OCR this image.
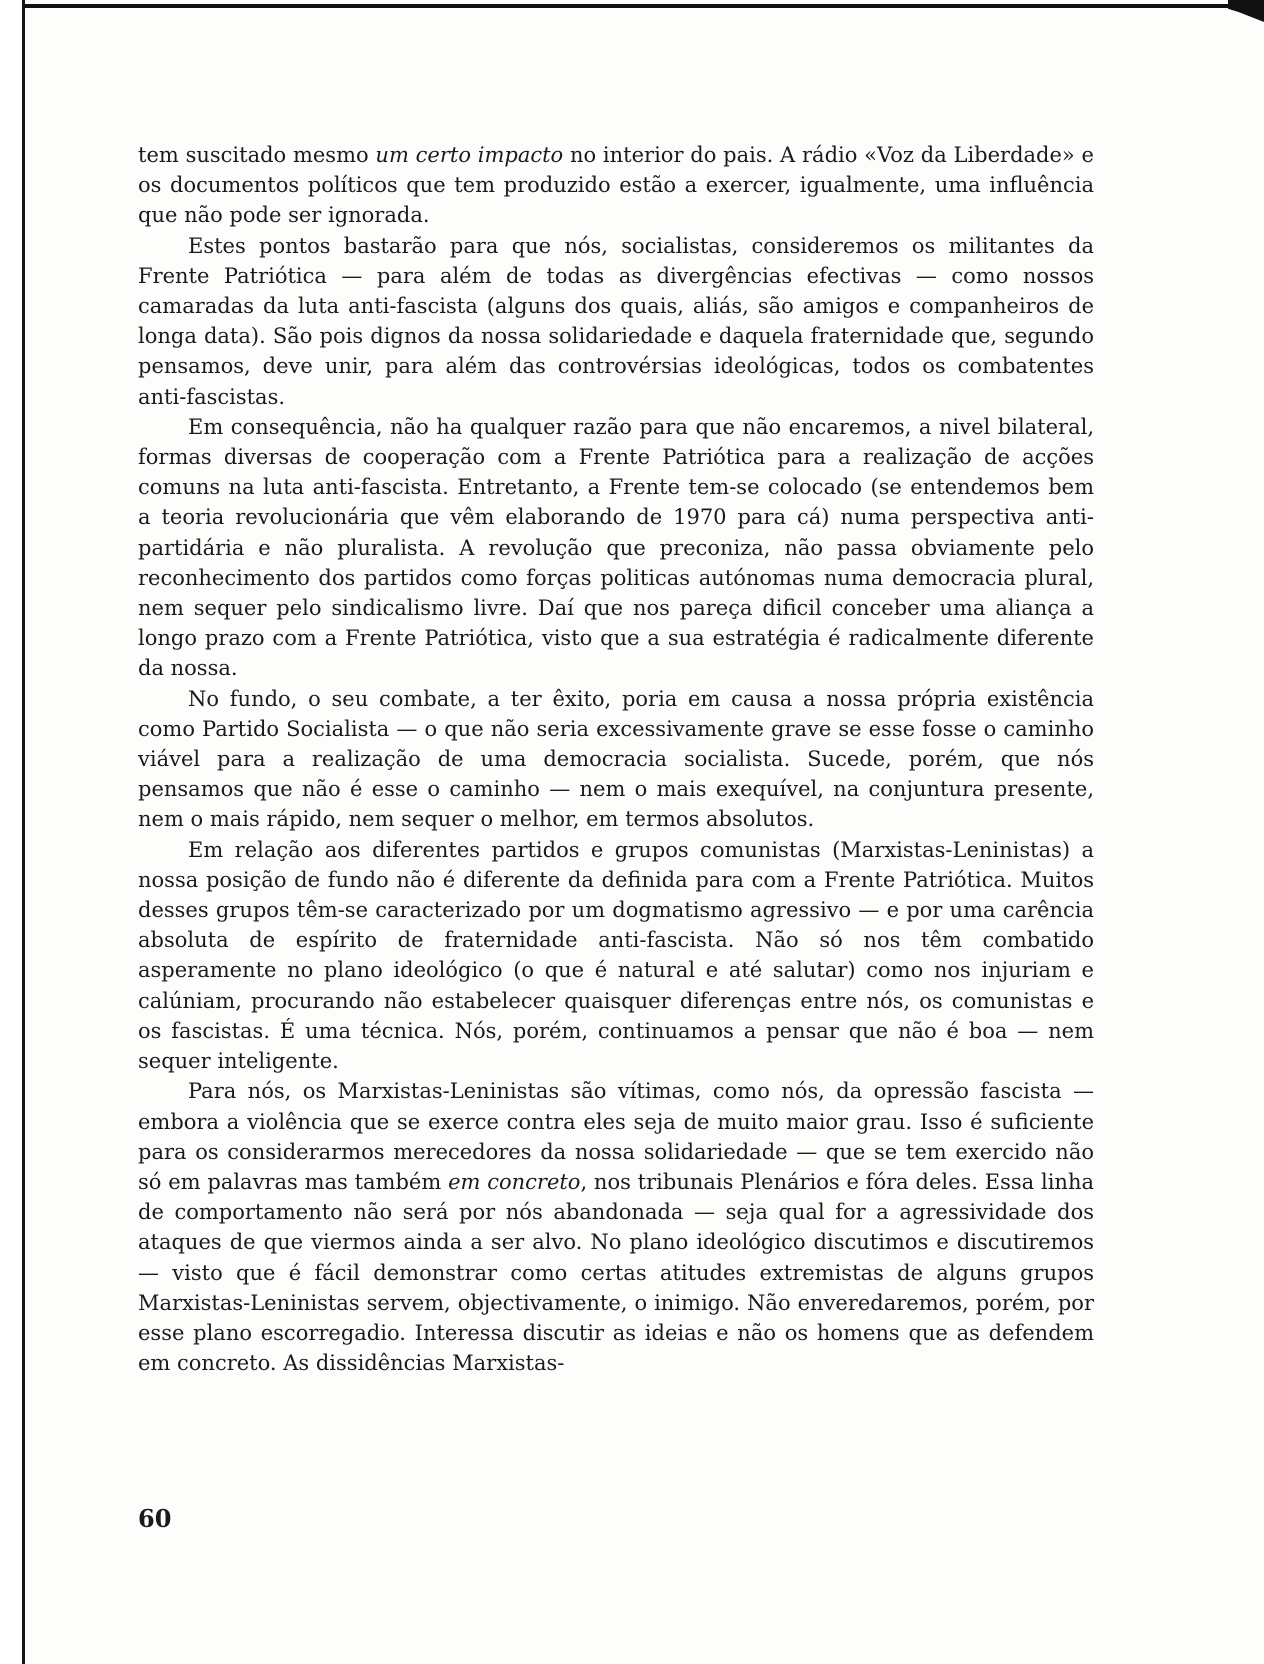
tem suscitado mesmo um certo impacto no interior do pais. A rádio «Voz da Liberdade» e os documentos políticos que tem produzido estão a exercer, igualmente, uma influência que não pode ser ignorada.

Estes pontos bastarão para que nós, socialistas, consideremos os militantes da Frente Patriótica — para além de todas as divergências efectivas — como nossos camaradas da luta anti-fascista (alguns dos quais, aliás, são amigos e companheiros de longa data). São pois dignos da nossa solidariedade e daquela fraternidade que, segundo pensamos, deve unir, para além das controvérsias ideológicas, todos os combatentes anti-fascistas.

Em consequência, não ha qualquer razão para que não encaremos, a nivel bilateral, formas diversas de cooperação com a Frente Patriótica para a realização de acções comuns na luta anti-fascista. Entretanto, a Frente tem-se colocado (se entendemos bem a teoria revolucionária que vêm elaborando de 1970 para cá) numa perspectiva anti-partidária e não pluralista. A revolução que preconiza, não passa obviamente pelo reconhecimento dos partidos como forças politicas autónomas numa democracia plural, nem sequer pelo sindicalismo livre. Daí que nos pareça dificil conceber uma aliança a longo prazo com a Frente Patriótica, visto que a sua estratégia é radicalmente diferente da nossa.

No fundo, o seu combate, a ter êxito, poria em causa a nossa própria existência como Partido Socialista — o que não seria excessivamente grave se esse fosse o caminho viável para a realização de uma democracia socialista. Sucede, porém, que nós pensamos que não é esse o caminho — nem o mais exequível, na conjuntura presente, nem o mais rápido, nem sequer o melhor, em termos absolutos.

Em relação aos diferentes partidos e grupos comunistas (Marxistas-Leninistas) a nossa posição de fundo não é diferente da definida para com a Frente Patriótica. Muitos desses grupos têm-se caracterizado por um dogmatismo agressivo — e por uma carência absoluta de espírito de fraternidade anti-fascista. Não só nos têm combatido asperamente no plano ideológico (o que é natural e até salutar) como nos injuriam e calúniam, procurando não estabelecer quaisquer diferenças entre nós, os comunistas e os fascistas. É uma técnica. Nós, porém, continuamos a pensar que não é boa — nem sequer inteligente.

Para nós, os Marxistas-Leninistas são vítimas, como nós, da opressão fascista — embora a violência que se exerce contra eles seja de muito maior grau. Isso é suficiente para os considerarmos merecedores da nossa solidariedade — que se tem exercido não só em palavras mas também em concreto, nos tribunais Plenários e fóra deles. Essa linha de comportamento não será por nós abandonada — seja qual for a agressividade dos ataques de que viermos ainda a ser alvo. No plano ideológico discutimos e discutiremos — visto que é fácil demonstrar como certas atitudes extremistas de alguns grupos Marxistas-Leninistas servem, objectivamente, o inimigo. Não enveredaremos, porém, por esse plano escorregadio. Interessa discutir as ideias e não os homens que as defendem em concreto. As dissidências Marxistas-

60
